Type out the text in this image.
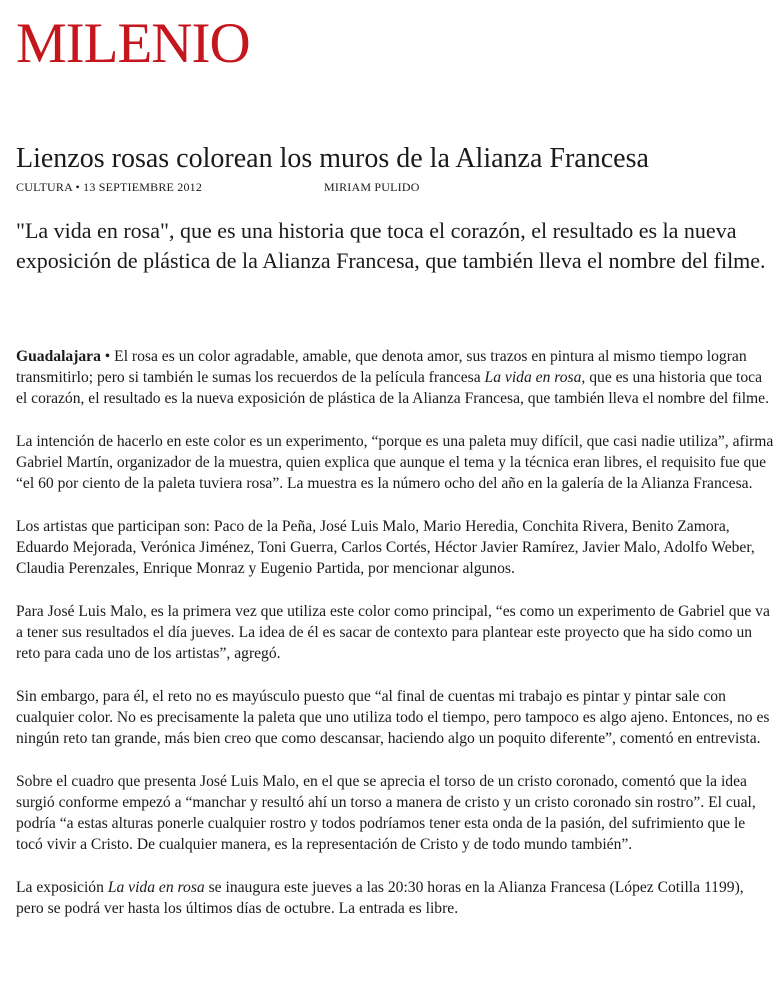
MILENIO
Lienzos rosas colorean los muros de la Alianza Francesa
CULTURA • 13 SEPTIEMBRE 2012	MIRIAM PULIDO

"La vida en rosa", que es una historia que toca el corazón, el resultado es la nueva exposición de plástica de la Alianza Francesa, que también lleva el nombre del filme.

Guadalajara • El rosa es un color agradable, amable, que denota amor, sus trazos en pintura al mismo tiempo logran transmitirlo; pero si también le sumas los recuerdos de la película francesa La vida en rosa, que es una historia que toca el corazón, el resultado es la nueva exposición de plástica de la Alianza Francesa, que también lleva el nombre del filme.

La intención de hacerlo en este color es un experimento, “porque es una paleta muy difícil, que casi nadie utiliza”, afirma Gabriel Martín, organizador de la muestra, quien explica que aunque el tema y la técnica eran libres, el requisito fue que “el 60 por ciento de la paleta tuviera rosa”. La muestra es la número ocho del año en la galería de la Alianza Francesa.

Los artistas que participan son: Paco de la Peña, José Luis Malo, Mario Heredia, Conchita Rivera, Benito Zamora, Eduardo Mejorada, Verónica Jiménez, Toni Guerra, Carlos Cortés, Héctor Javier Ramírez, Javier Malo, Adolfo Weber, Claudia Perenzales, Enrique Monraz y Eugenio Partida, por mencionar algunos.

Para José Luis Malo, es la primera vez que utiliza este color como principal, “es como un experimento de Gabriel que va a tener sus resultados el día jueves. La idea de él es sacar de contexto para plantear este proyecto que ha sido como un reto para cada uno de los artistas”, agregó.

Sin embargo, para él, el reto no es mayúsculo puesto que “al final de cuentas mi trabajo es pintar y pintar sale con cualquier color. No es precisamente la paleta que uno utiliza todo el tiempo, pero tampoco es algo ajeno. Entonces, no es ningún reto tan grande, más bien creo que como descansar, haciendo algo un poquito diferente”, comentó en entrevista.

Sobre el cuadro que presenta José Luis Malo, en el que se aprecia el torso de un cristo coronado, comentó que la idea surgió conforme empezó a “manchar y resultó ahí un torso a manera de cristo y un cristo coronado sin rostro”. El cual, podría “a estas alturas ponerle cualquier rostro y todos podríamos tener esta onda de la pasión, del sufrimiento que le tocó vivir a Cristo. De cualquier manera, es la representación de Cristo y de todo mundo también”.

La exposición La vida en rosa se inaugura este jueves a las 20:30 horas en la Alianza Francesa (López Cotilla 1199), pero se podrá ver hasta los últimos días de octubre. La entrada es libre.
